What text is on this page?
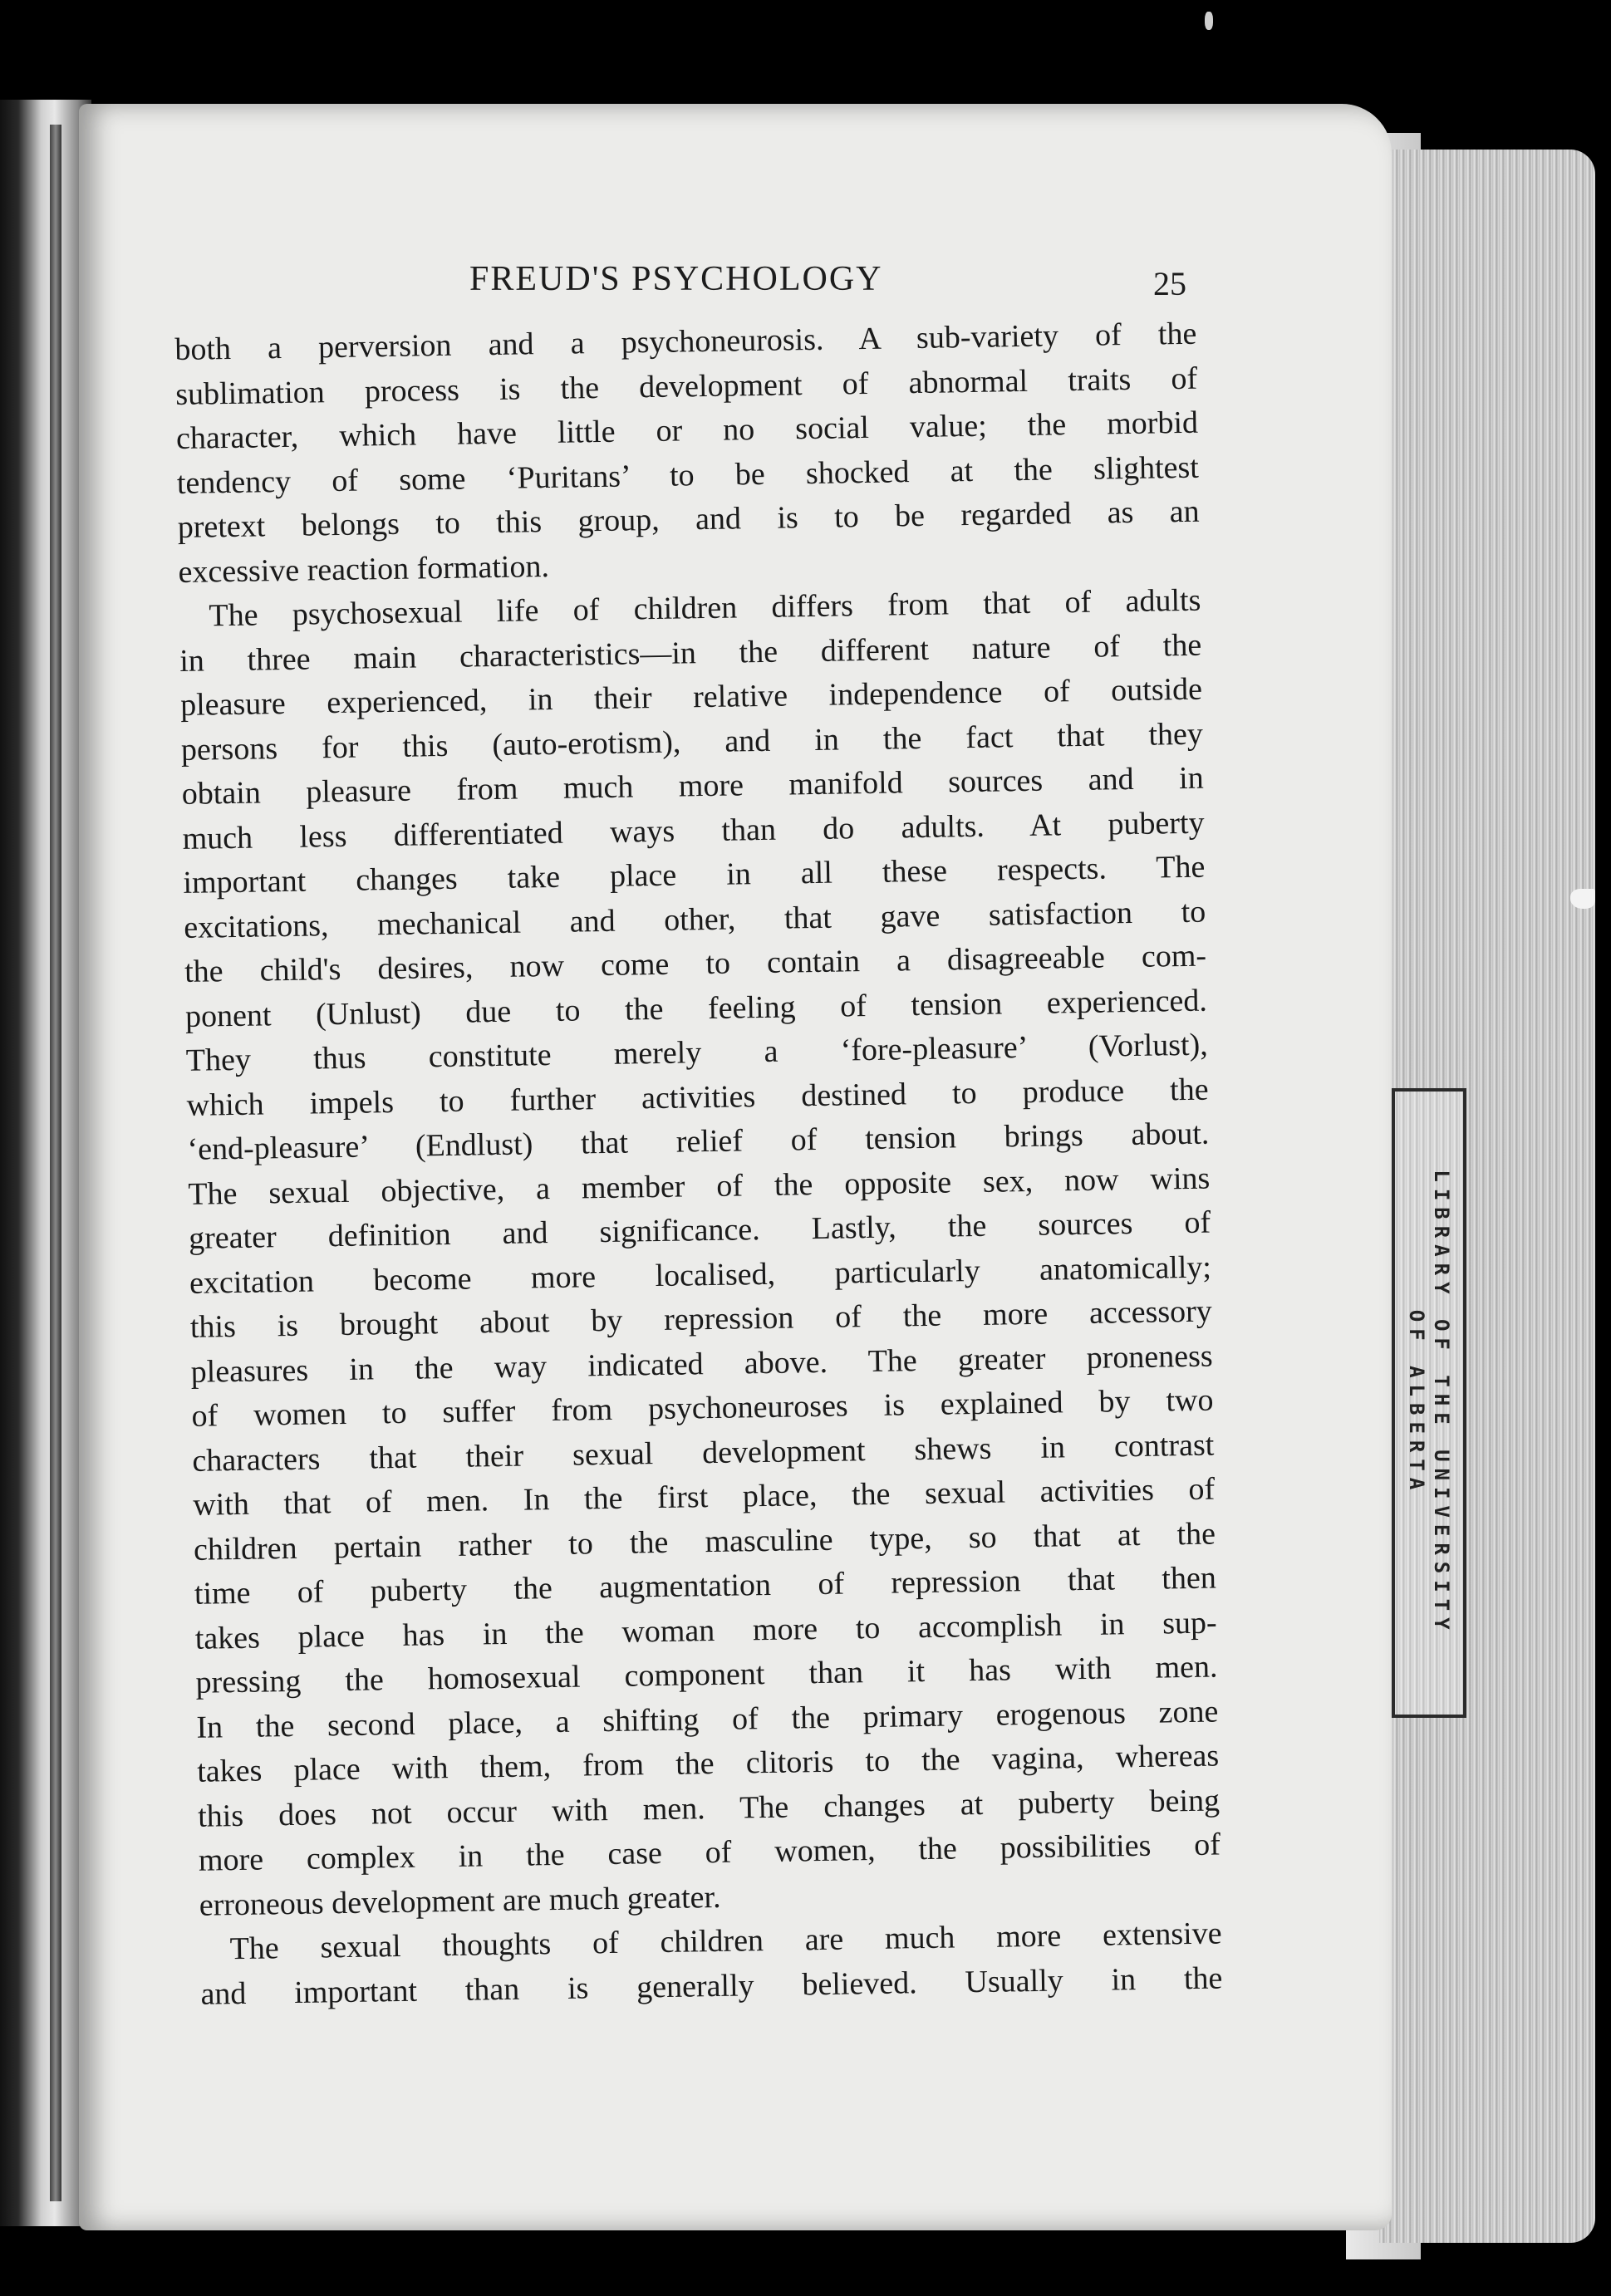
LIBRARY OF THE UNIVERSITY
OF ALBERTA
FREUD'S PSYCHOLOGY	25

both a perversion and a psychoneurosis. A sub-variety of the
sublimation process is the development of abnormal traits of
character, which have little or no social value; the morbid
tendency of some ‘Puritans’ to be shocked at the slightest
pretext belongs to this group, and is to be regarded as an
excessive reaction formation.

The psychosexual life of children differs from that of adults
in three main characteristics—in the different nature of the
pleasure experienced, in their relative independence of outside
persons for this (auto-erotism), and in the fact that they
obtain pleasure from much more manifold sources and in
much less differentiated ways than do adults. At puberty
important changes take place in all these respects. The
excitations, mechanical and other, that gave satisfaction to
the child's desires, now come to contain a disagreeable com-
ponent (Unlust) due to the feeling of tension experienced.
They thus constitute merely a ‘fore-pleasure’ (Vorlust),
which impels to further activities destined to produce the
‘end-pleasure’ (Endlust) that relief of tension brings about.
The sexual objective, a member of the opposite sex, now wins
greater definition and significance. Lastly, the sources of
excitation become more localised, particularly anatomically;
this is brought about by repression of the more accessory
pleasures in the way indicated above. The greater proneness
of women to suffer from psychoneuroses is explained by two
characters that their sexual development shews in contrast
with that of men. In the first place, the sexual activities of
children pertain rather to the masculine type, so that at the
time of puberty the augmentation of repression that then
takes place has in the woman more to accomplish in sup-
pressing the homosexual component than it has with men.
In the second place, a shifting of the primary erogenous zone
takes place with them, from the clitoris to the vagina, whereas
this does not occur with men. The changes at puberty being
more complex in the case of women, the possibilities of
erroneous development are much greater.

The sexual thoughts of children are much more extensive
and important than is generally believed. Usually in the
